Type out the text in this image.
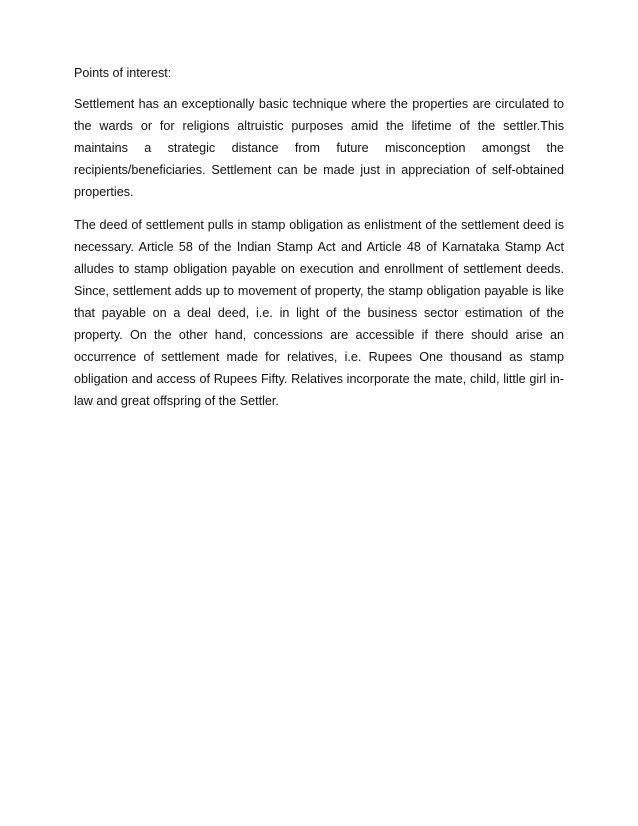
Points of interest:

Settlement has an exceptionally basic technique where the properties are circulated to the wards or for religions altruistic purposes amid the lifetime of the settler.This maintains a strategic distance from future misconception amongst the recipients/beneficiaries. Settlement can be made just in appreciation of self-obtained properties.

The deed of settlement pulls in stamp obligation as enlistment of the settlement deed is necessary. Article 58 of the Indian Stamp Act and Article 48 of Karnataka Stamp Act alludes to stamp obligation payable on execution and enrollment of settlement deeds. Since, settlement adds up to movement of property, the stamp obligation payable is like that payable on a deal deed, i.e. in light of the business sector estimation of the property. On the other hand, concessions are accessible if there should arise an occurrence of settlement made for relatives, i.e. Rupees One thousand as stamp obligation and access of Rupees Fifty. Relatives incorporate the mate, child, little girl in-law and great offspring of the Settler.
